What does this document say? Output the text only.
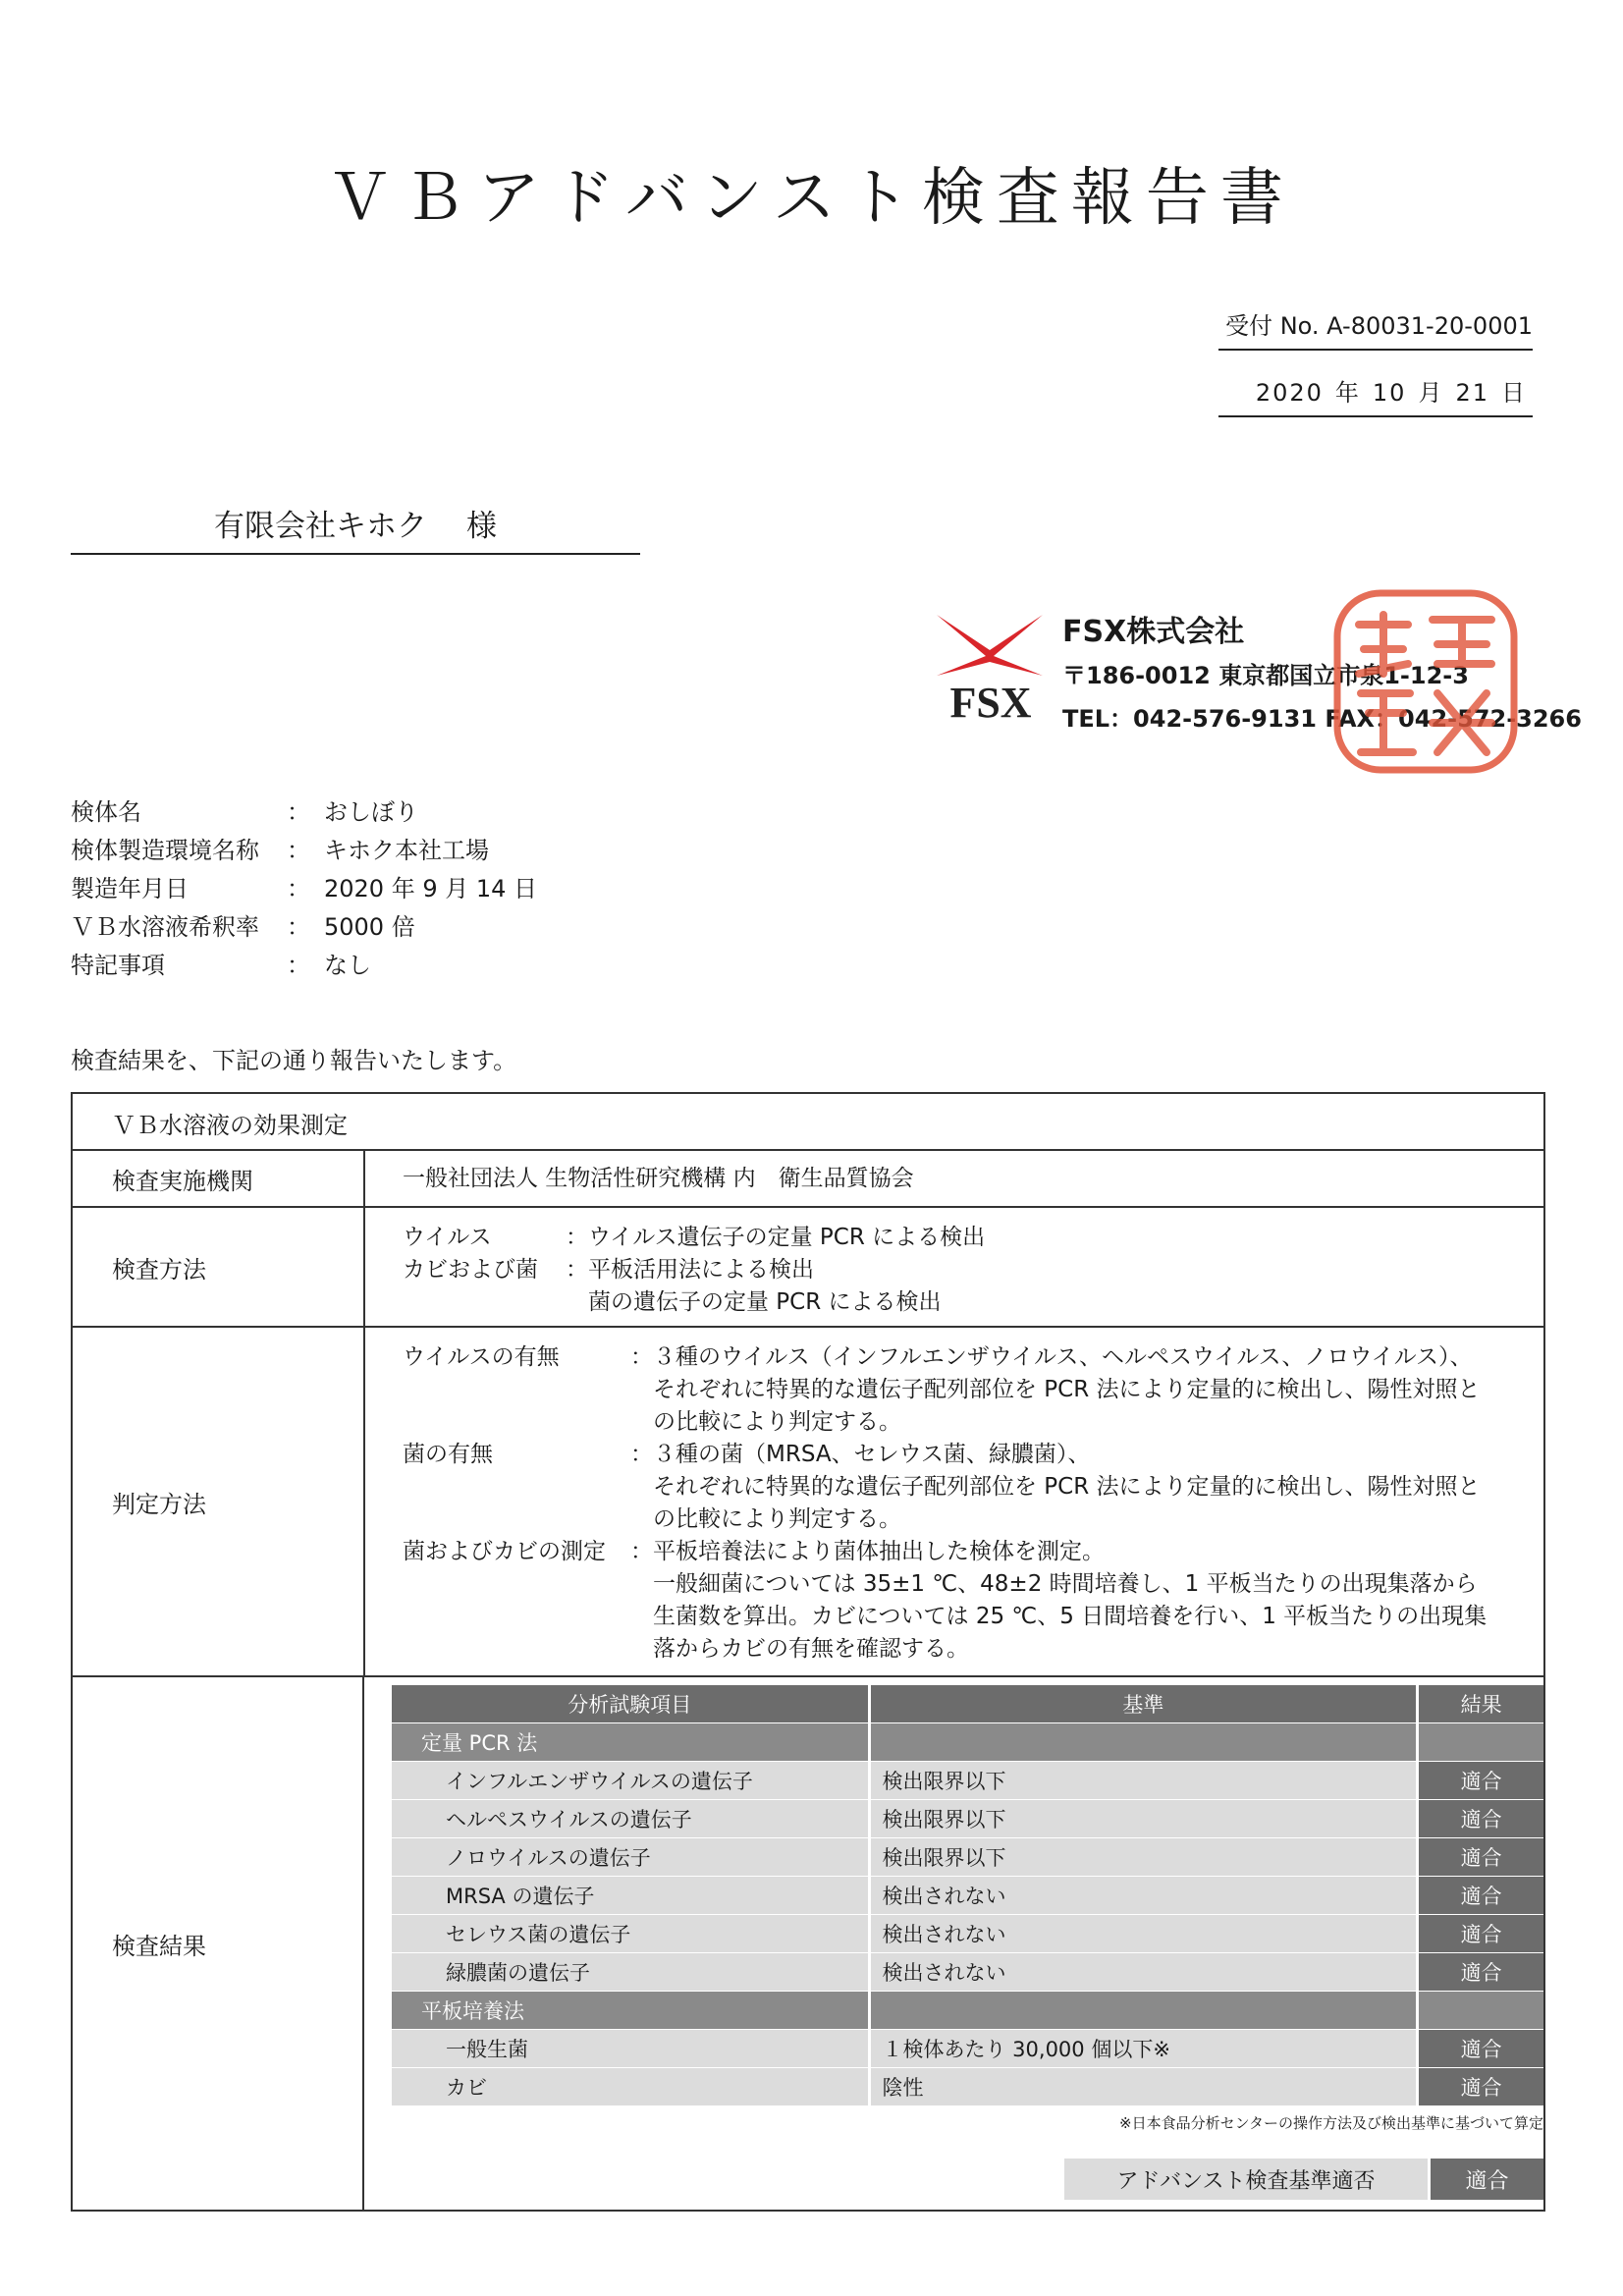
ＶＢアドバンスト検査報告書
受付 No. A-80031-20-0001
2020 年 10 月 21 日
有限会社キホク 様
FSX
FSX株式会社
〒186-0012 東京都国立市泉1-12-3
TEL：042-576-9131 FAX：042-572-3266
検体名	： おしぼり
検体製造環境名称	： キホク本社工場
製造年月日	： 2020 年 9 月 14 日
ＶＢ水溶液希釈率	： 5000 倍
特記事項	： なし
検査結果を、下記の通り報告いたします。
ＶＢ水溶液の効果測定
検査実施機関	一般社団法人 生物活性研究機構 内　衛生品質協会
検査方法
ウイルス	：ウイルス遺伝子の定量 PCR による検出
カビおよび菌	：平板活用法による検出
　菌の遺伝子の定量 PCR による検出
判定方法
ウイルスの有無	：３種のウイルス（インフルエンザウイルス、ヘルペスウイルス、ノロウイルス）、
　それぞれに特異的な遺伝子配列部位を PCR 法により定量的に検出し、陽性対照と
　の比較により判定する。
菌の有無	：３種の菌（MRSA、セレウス菌、緑膿菌）、
　それぞれに特異的な遺伝子配列部位を PCR 法により定量的に検出し、陽性対照と
　の比較により判定する。
菌およびカビの測定	：平板培養法により菌体抽出した検体を測定。
　一般細菌については 35±1 ℃、48±2 時間培養し、1 平板当たりの出現集落から
　生菌数を算出。カビについては 25 ℃、5 日間培養を行い、1 平板当たりの出現集
　落からカビの有無を確認する。
検査結果
分析試験項目	基準	結果
定量 PCR 法		
インフルエンザウイルスの遺伝子	検出限界以下	適合
ヘルペスウイルスの遺伝子	検出限界以下	適合
ノロウイルスの遺伝子	検出限界以下	適合
MRSA の遺伝子	検出されない	適合
セレウス菌の遺伝子	検出されない	適合
緑膿菌の遺伝子	検出されない	適合
平板培養法		
一般生菌	１検体あたり 30,000 個以下※	適合
カビ	陰性	適合
※日本食品分析センターの操作方法及び検出基準に基づいて算定
アドバンスト検査基準適否	適合
